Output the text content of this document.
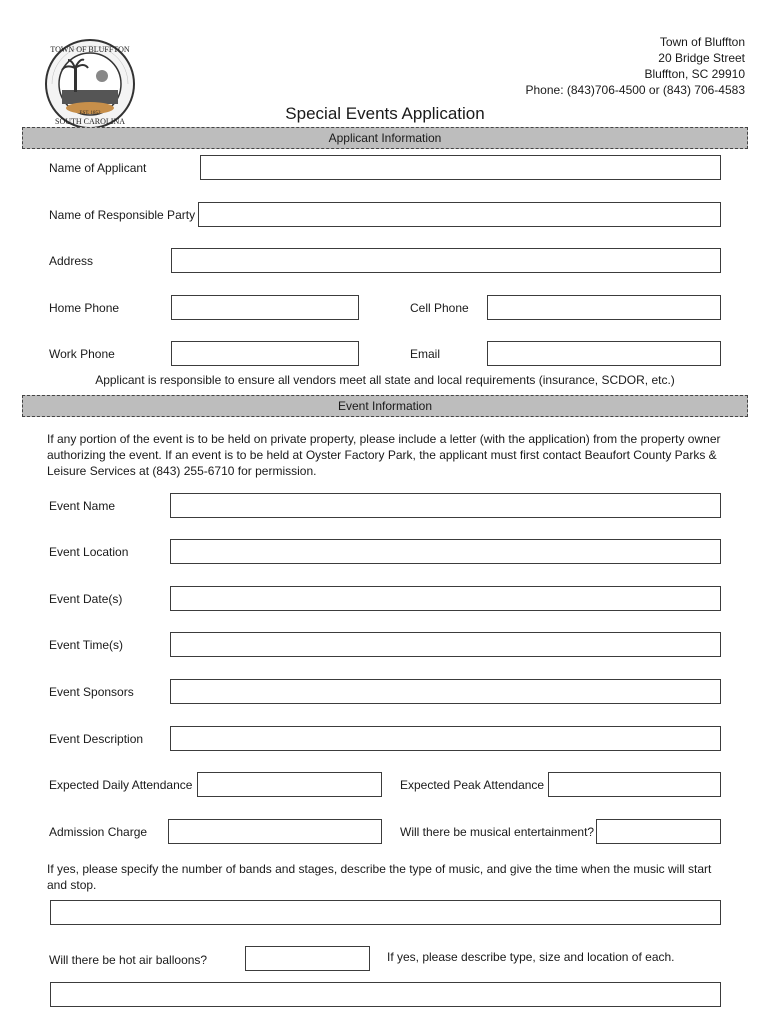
TOWN OF BLUFFTON
SOUTH CAROLINA
EST. 1852
Town of Bluffton
20 Bridge Street
Bluffton, SC 29910
Phone: (843)706-4500 or (843) 706-4583
Special Events Application
Applicant Information
Name of Applicant
Name of Responsible Party
Address
Home Phone	Cell Phone
Work Phone	Email
Applicant is responsible to ensure all vendors meet all state and local requirements (insurance, SCDOR, etc.)
Event Information
If any portion of the event is to be held on private property, please include a letter (with the application) from the property owner authorizing the event. If an event is to be held at Oyster Factory Park, the applicant must first contact Beaufort County Parks & Leisure Services at (843) 255-6710 for permission.
Event Name
Event Location
Event Date(s)
Event Time(s)
Event Sponsors
Event Description
Expected Daily Attendance	Expected Peak Attendance
Admission Charge	Will there be musical entertainment?
If yes, please specify the number of bands and stages, describe the type of music, and give the time when the music will start and stop.
Will there be hot air balloons?	If yes, please describe type, size and location of each.
